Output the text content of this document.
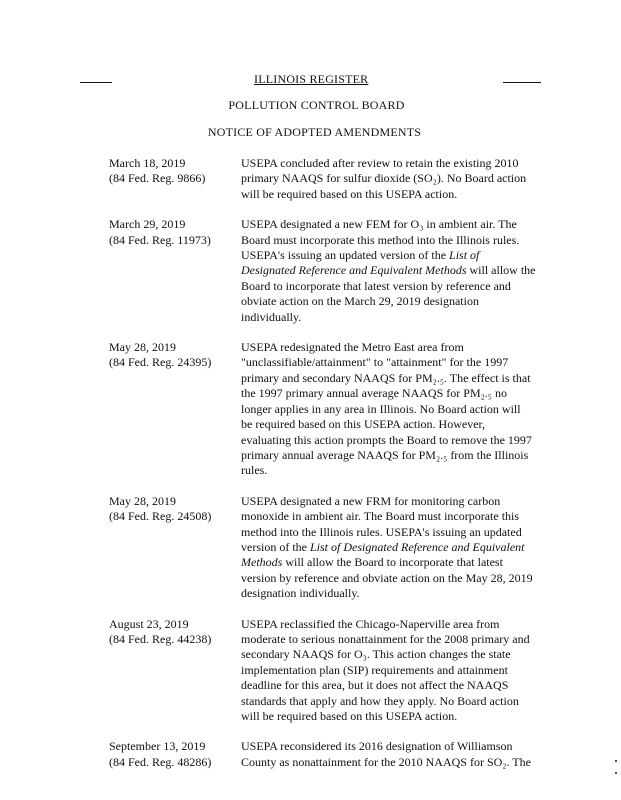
ILLINOIS REGISTER
POLLUTION CONTROL BOARD
NOTICE OF ADOPTED AMENDMENTS
March 18, 2019
(84 Fed. Reg. 9866)
USEPA concluded after review to retain the existing 2010
primary NAAQS for sulfur dioxide (SO₂). No Board action
will be required based on this USEPA action.
March 29, 2019
(84 Fed. Reg. 11973)
USEPA designated a new FEM for O₃ in ambient air. The
Board must incorporate this method into the Illinois rules.
USEPA's issuing an updated version of the List of
Designated Reference and Equivalent Methods will allow the
Board to incorporate that latest version by reference and
obviate action on the March 29, 2019 designation
individually.
May 28, 2019
(84 Fed. Reg. 24395)
USEPA redesignated the Metro East area from
"unclassifiable/attainment" to "attainment" for the 1997
primary and secondary NAAQS for PM₂.₅. The effect is that
the 1997 primary annual average NAAQS for PM₂.₅ no
longer applies in any area in Illinois. No Board action will
be required based on this USEPA action. However,
evaluating this action prompts the Board to remove the 1997
primary annual average NAAQS for PM₂.₅ from the Illinois
rules.
May 28, 2019
(84 Fed. Reg. 24508)
USEPA designated a new FRM for monitoring carbon
monoxide in ambient air. The Board must incorporate this
method into the Illinois rules. USEPA's issuing an updated
version of the List of Designated Reference and Equivalent
Methods will allow the Board to incorporate that latest
version by reference and obviate action on the May 28, 2019
designation individually.
August 23, 2019
(84 Fed. Reg. 44238)
USEPA reclassified the Chicago-Naperville area from
moderate to serious nonattainment for the 2008 primary and
secondary NAAQS for O₃. This action changes the state
implementation plan (SIP) requirements and attainment
deadline for this area, but it does not affect the NAAQS
standards that apply and how they apply. No Board action
will be required based on this USEPA action.
September 13, 2019
(84 Fed. Reg. 48286)
USEPA reconsidered its 2016 designation of Williamson
County as nonattainment for the 2010 NAAQS for SO₂. The
